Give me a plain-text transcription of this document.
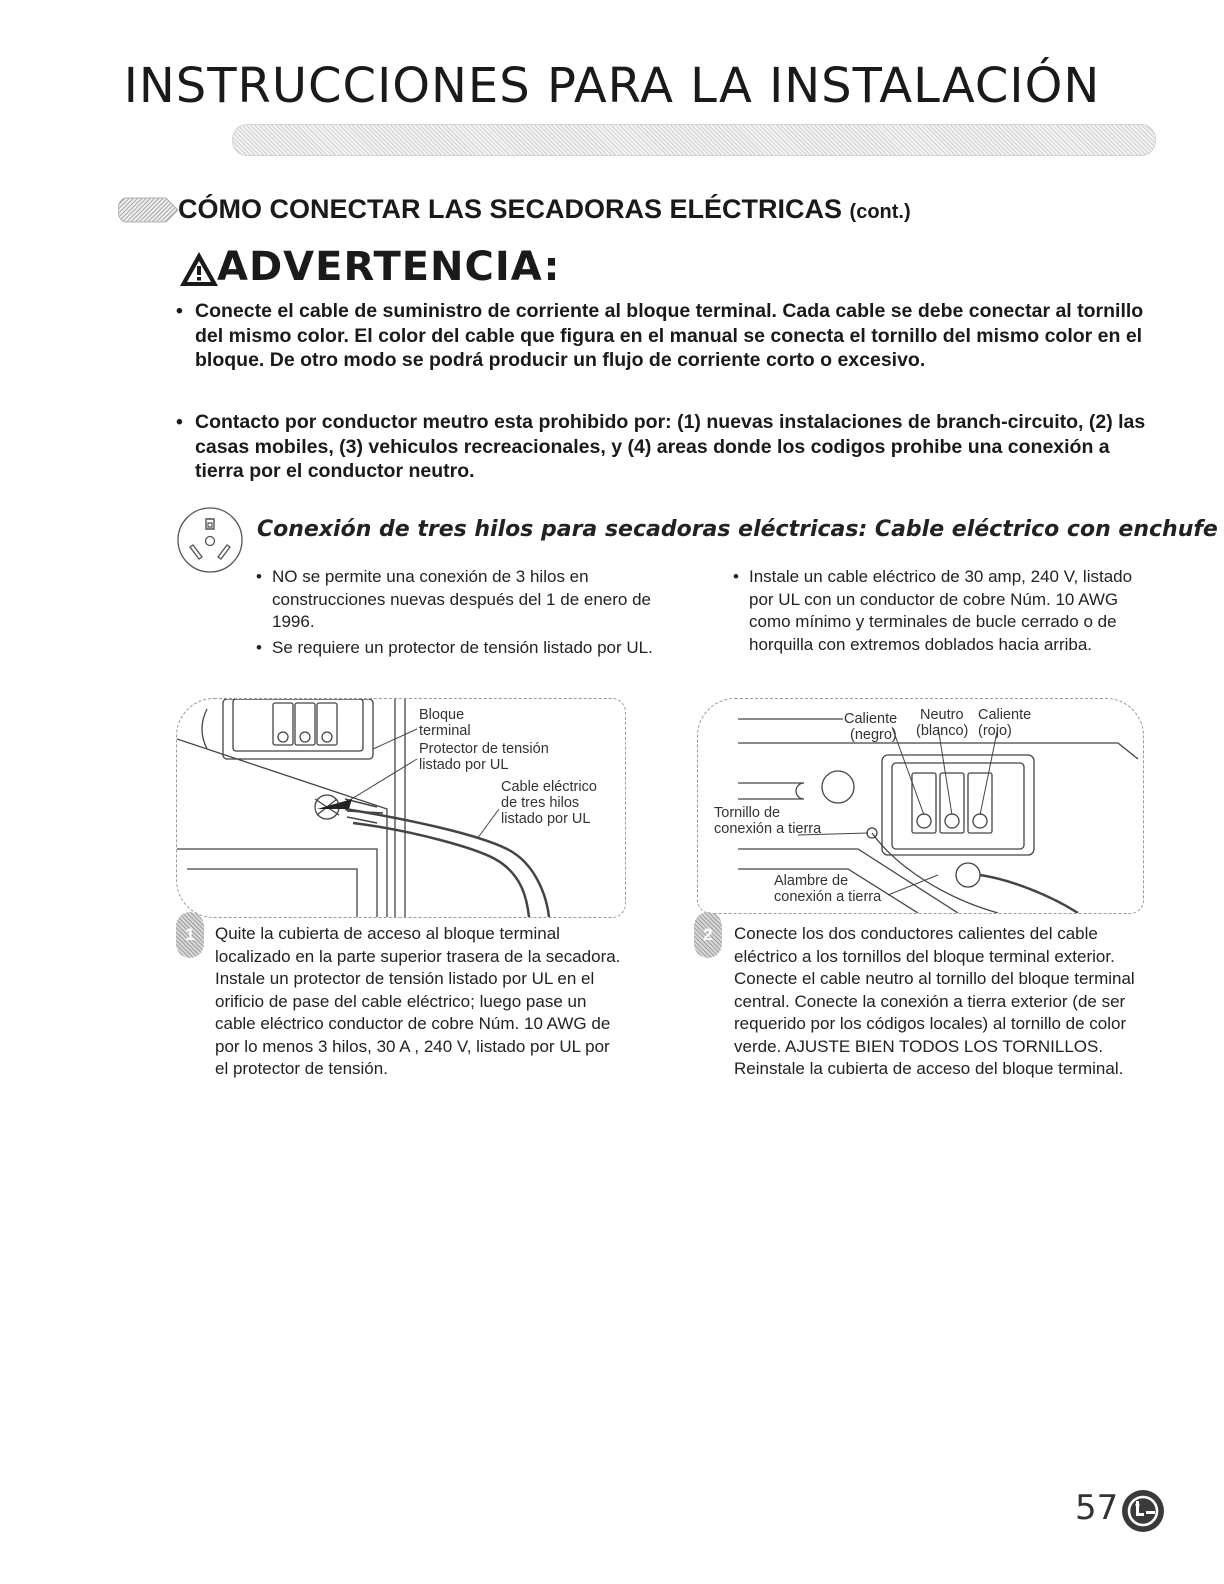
INSTRUCCIONES PARA LA INSTALACIÓN
CÓMO CONECTAR LAS SECADORAS ELÉCTRICAS (cont.)
ADVERTENCIA:
• Conecte el cable de suministro de corriente al bloque terminal. Cada cable se debe conectar al tornillo del mismo color. El color del cable que figura en el manual se conecta el tornillo del mismo color en el bloque. De otro modo se podrá producir un flujo de corriente corto o excesivo.
• Contacto por conductor meutro esta prohibido por: (1) nuevas instalaciones de branch-circuito, (2) las casas mobiles, (3) vehiculos recreacionales, y (4) areas donde los codigos prohibe una conexión a tierra por el conductor neutro.
Conexión de tres hilos para secadoras eléctricas: Cable eléctrico con enchufe
• NO se permite una conexión de 3 hilos en construcciones nuevas después del 1 de enero de 1996.
• Se requiere un protector de tensión listado por UL.
• Instale un cable eléctrico de 30 amp, 240 V, listado por UL con un conductor de cobre Núm. 10 AWG como mínimo y terminales de bucle cerrado o de horquilla con extremos doblados hacia arriba.
Bloque
terminal
Protector de tensión
listado por UL
Cable eléctrico
de tres hilos
listado por UL
Caliente
(negro)
Neutro
(blanco)
Caliente
(rojo)
Tornillo de
conexión a tierra
Alambre de
conexión a tierra
1	Quite la cubierta de acceso al bloque terminal localizado en la parte superior trasera de la secadora. Instale un protector de tensión listado por UL en el orificio de pase del cable eléctrico; luego pase un cable eléctrico conductor de cobre Núm. 10 AWG de por lo menos 3 hilos, 30 A , 240 V, listado por UL por el protector de tensión.
2	Conecte los dos conductores calientes del cable eléctrico a los tornillos del bloque terminal exterior. Conecte el cable neutro al tornillo del bloque terminal central. Conecte la conexión a tierra exterior (de ser requerido por los códigos locales) al tornillo de color verde. AJUSTE BIEN TODOS LOS TORNILLOS. Reinstale la cubierta de acceso del bloque terminal.
57
